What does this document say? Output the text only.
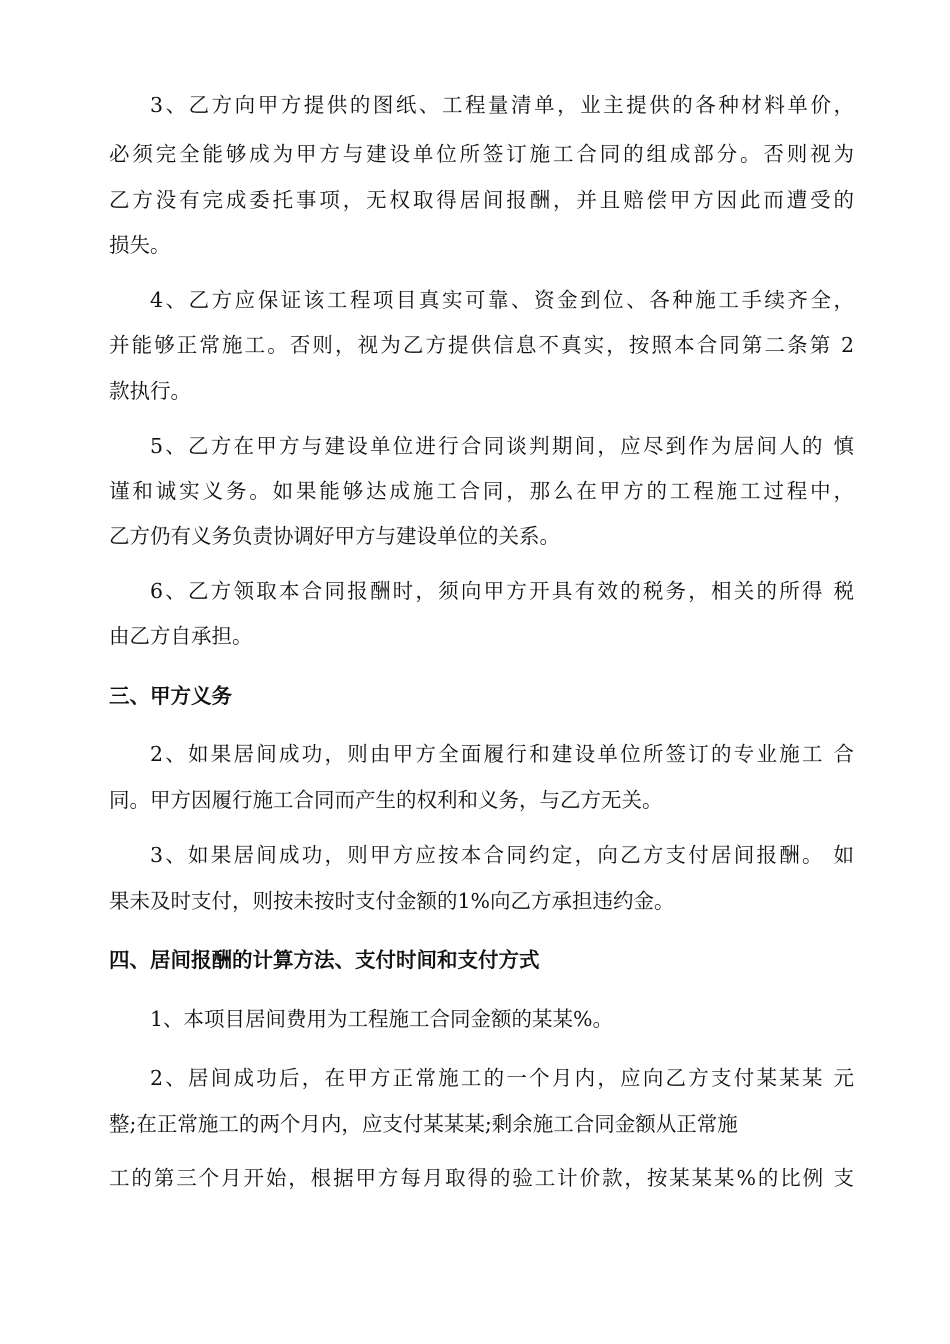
3、乙方向甲方提供的图纸、工程量清单，业主提供的各种材料单价，
必须完全能够成为甲方与建设单位所签订施工合同的组成部分。否则视为
乙方没有完成委托事项，无权取得居间报酬，并且赔偿甲方因此而遭受的
损失。
4、乙方应保证该工程项目真实可靠、资金到位、各种施工手续齐全，
并能够正常施工。否则，视为乙方提供信息不真实，按照本合同第二条第 2
款执行。
5、乙方在甲方与建设单位进行合同谈判期间，应尽到作为居间人的 慎
谨和诚实义务。如果能够达成施工合同，那么在甲方的工程施工过程中，
乙方仍有义务负责协调好甲方与建设单位的关系。
6、乙方领取本合同报酬时，须向甲方开具有效的税务，相关的所得 税
由乙方自承担。
三、甲方义务
2、如果居间成功，则由甲方全面履行和建设单位所签订的专业施工 合
同。甲方因履行施工合同而产生的权利和义务，与乙方无关。
3、如果居间成功，则甲方应按本合同约定，向乙方支付居间报酬。 如
果未及时支付，则按未按时支付金额的1%向乙方承担违约金。
四、居间报酬的计算方法、支付时间和支付方式
1、本项目居间费用为工程施工合同金额的某某%。
2、居间成功后，在甲方正常施工的一个月内，应向乙方支付某某某 元
整;在正常施工的两个月内，应支付某某某;剩余施工合同金额从正常施
工的第三个月开始，根据甲方每月取得的验工计价款，按某某某%的比例 支
